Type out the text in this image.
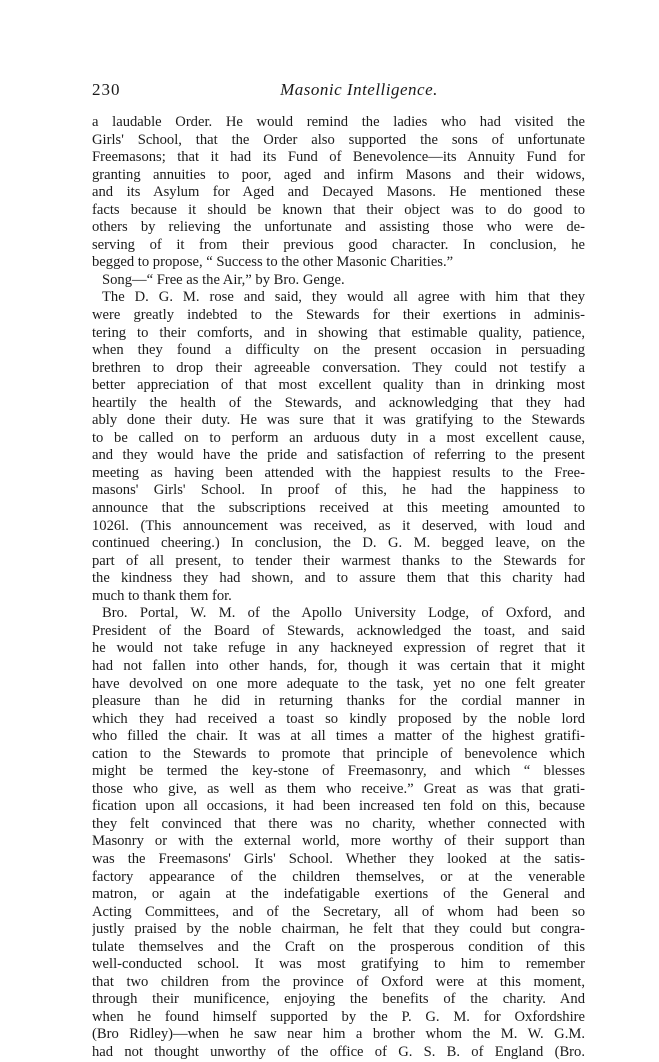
230	Masonic Intelligence.
a laudable Order. He would remind the ladies who had visited the
Girls' School, that the Order also supported the sons of unfortunate
Freemasons; that it had its Fund of Benevolence—its Annuity Fund for
granting annuities to poor, aged and infirm Masons and their widows,
and its Asylum for Aged and Decayed Masons. He mentioned these
facts because it should be known that their object was to do good to
others by relieving the unfortunate and assisting those who were de-
serving of it from their previous good character. In conclusion, he
begged to propose, “ Success to the other Masonic Charities.”
Song—“ Free as the Air,” by Bro. Genge.
The D. G. M. rose and said, they would all agree with him that they
were greatly indebted to the Stewards for their exertions in adminis-
tering to their comforts, and in showing that estimable quality, patience,
when they found a difficulty on the present occasion in persuading
brethren to drop their agreeable conversation. They could not testify a
better appreciation of that most excellent quality than in drinking most
heartily the health of the Stewards, and acknowledging that they had
ably done their duty. He was sure that it was gratifying to the Stewards
to be called on to perform an arduous duty in a most excellent cause,
and they would have the pride and satisfaction of referring to the present
meeting as having been attended with the happiest results to the Free-
masons' Girls' School. In proof of this, he had the happiness to
announce that the subscriptions received at this meeting amounted to
1026l. (This announcement was received, as it deserved, with loud and
continued cheering.) In conclusion, the D. G. M. begged leave, on the
part of all present, to tender their warmest thanks to the Stewards for
the kindness they had shown, and to assure them that this charity had
much to thank them for.
Bro. Portal, W. M. of the Apollo University Lodge, of Oxford, and
President of the Board of Stewards, acknowledged the toast, and said
he would not take refuge in any hackneyed expression of regret that it
had not fallen into other hands, for, though it was certain that it might
have devolved on one more adequate to the task, yet no one felt greater
pleasure than he did in returning thanks for the cordial manner in
which they had received a toast so kindly proposed by the noble lord
who filled the chair. It was at all times a matter of the highest gratifi-
cation to the Stewards to promote that principle of benevolence which
might be termed the key-stone of Freemasonry, and which “ blesses
those who give, as well as them who receive.” Great as was that grati-
fication upon all occasions, it had been increased ten fold on this, because
they felt convinced that there was no charity, whether connected with
Masonry or with the external world, more worthy of their support than
was the Freemasons' Girls' School. Whether they looked at the satis-
factory appearance of the children themselves, or at the venerable
matron, or again at the indefatigable exertions of the General and
Acting Committees, and of the Secretary, all of whom had been so
justly praised by the noble chairman, he felt that they could but congra-
tulate themselves and the Craft on the prosperous condition of this
well-conducted school. It was most gratifying to him to remember
that two children from the province of Oxford were at this moment,
through their munificence, enjoying the benefits of the charity. And
when he found himself supported by the P. G. M. for Oxfordshire
(Bro Ridley)—when he saw near him a brother whom the M. W. G.M.
had not thought unworthy of the office of G. S. B. of England (Bro.
